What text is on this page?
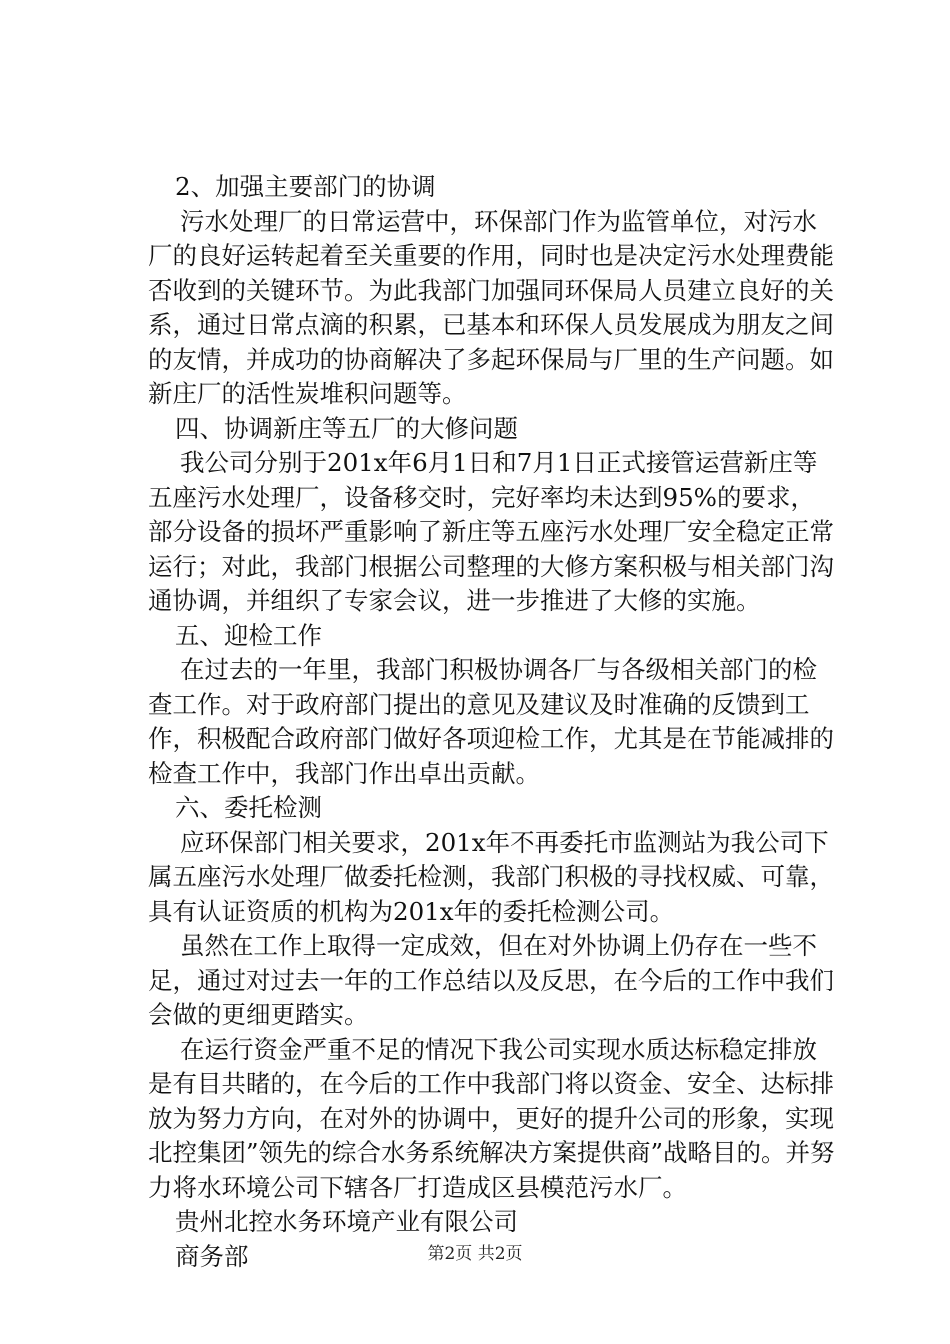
2、加强主要部门的协调

污水处理厂的日常运营中，环保部门作为监管单位，对污水厂的良好运转起着至关重要的作用，同时也是决定污水处理费能否收到的关键环节。为此我部门加强同环保局人员建立良好的关系，通过日常点滴的积累，已基本和环保人员发展成为朋友之间的友情，并成功的协商解决了多起环保局与厂里的生产问题。如新庄厂的活性炭堆积问题等。

四、协调新庄等五厂的大修问题

我公司分别于201x年6月1日和7月1日正式接管运营新庄等五座污水处理厂，设备移交时，完好率均未达到95%的要求，部分设备的损坏严重影响了新庄等五座污水处理厂安全稳定正常运行；对此，我部门根据公司整理的大修方案积极与相关部门沟通协调，并组织了专家会议，进一步推进了大修的实施。

五、迎检工作

在过去的一年里，我部门积极协调各厂与各级相关部门的检查工作。对于政府部门提出的意见及建议及时准确的反馈到工作，积极配合政府部门做好各项迎检工作，尤其是在节能减排的检查工作中，我部门作出卓出贡献。

六、委托检测

应环保部门相关要求，201x年不再委托市监测站为我公司下属五座污水处理厂做委托检测，我部门积极的寻找权威、可靠，具有认证资质的机构为201x年的委托检测公司。

虽然在工作上取得一定成效，但在对外协调上仍存在一些不足，通过对过去一年的工作总结以及反思，在今后的工作中我们会做的更细更踏实。

在运行资金严重不足的情况下我公司实现水质达标稳定排放是有目共睹的，在今后的工作中我部门将以资金、安全、达标排放为努力方向，在对外的协调中，更好的提升公司的形象，实现北控集团”领先的综合水务系统解决方案提供商”战略目的。并努力将水环境公司下辖各厂打造成区县模范污水厂。

贵州北控水务环境产业有限公司

商务部	第2页 共2页
